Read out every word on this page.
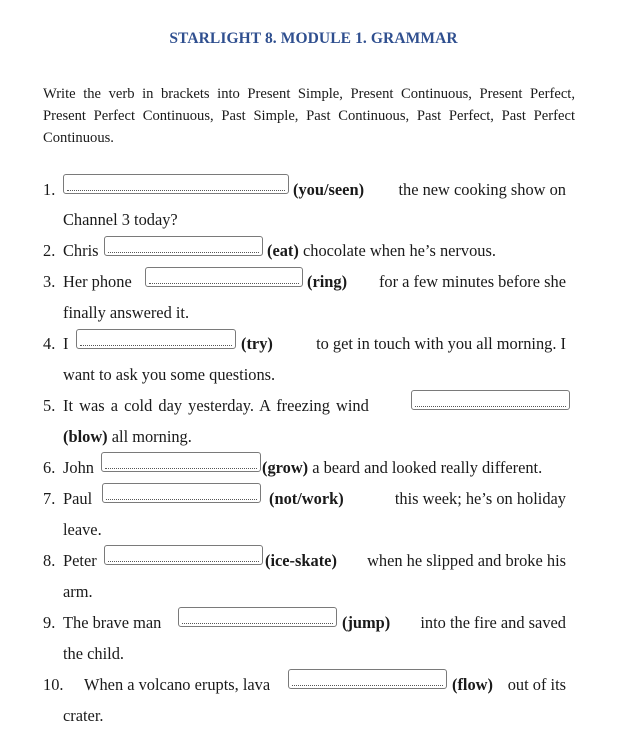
STARLIGHT 8. MODULE 1. GRAMMAR

Write the verb in brackets into Present Simple, Present Continuous, Present Perfect, Present Perfect Continuous, Past Simple, Past Continuous, Past Perfect, Past Perfect Continuous.

1.	(you/seen) the new cooking show on
Channel 3 today?
2. Chris	(eat) chocolate when he’s nervous.
3. Her phone	(ring) for a few minutes before she
finally answered it.
4. I	(try)	to get in touch with you all morning. I
want to ask you some questions.
5. It was a cold day yesterday. A freezing wind
(blow) all morning.
6. John	(grow) a beard and looked really different.
7. Paul	(not/work)	this week; he’s on holiday
leave.
8. Peter	(ice-skate) when he slipped and broke his
arm.
9. The brave man	(jump) into the fire and saved
the child.
10. When a volcano erupts, lava	(flow) out of its
crater.
